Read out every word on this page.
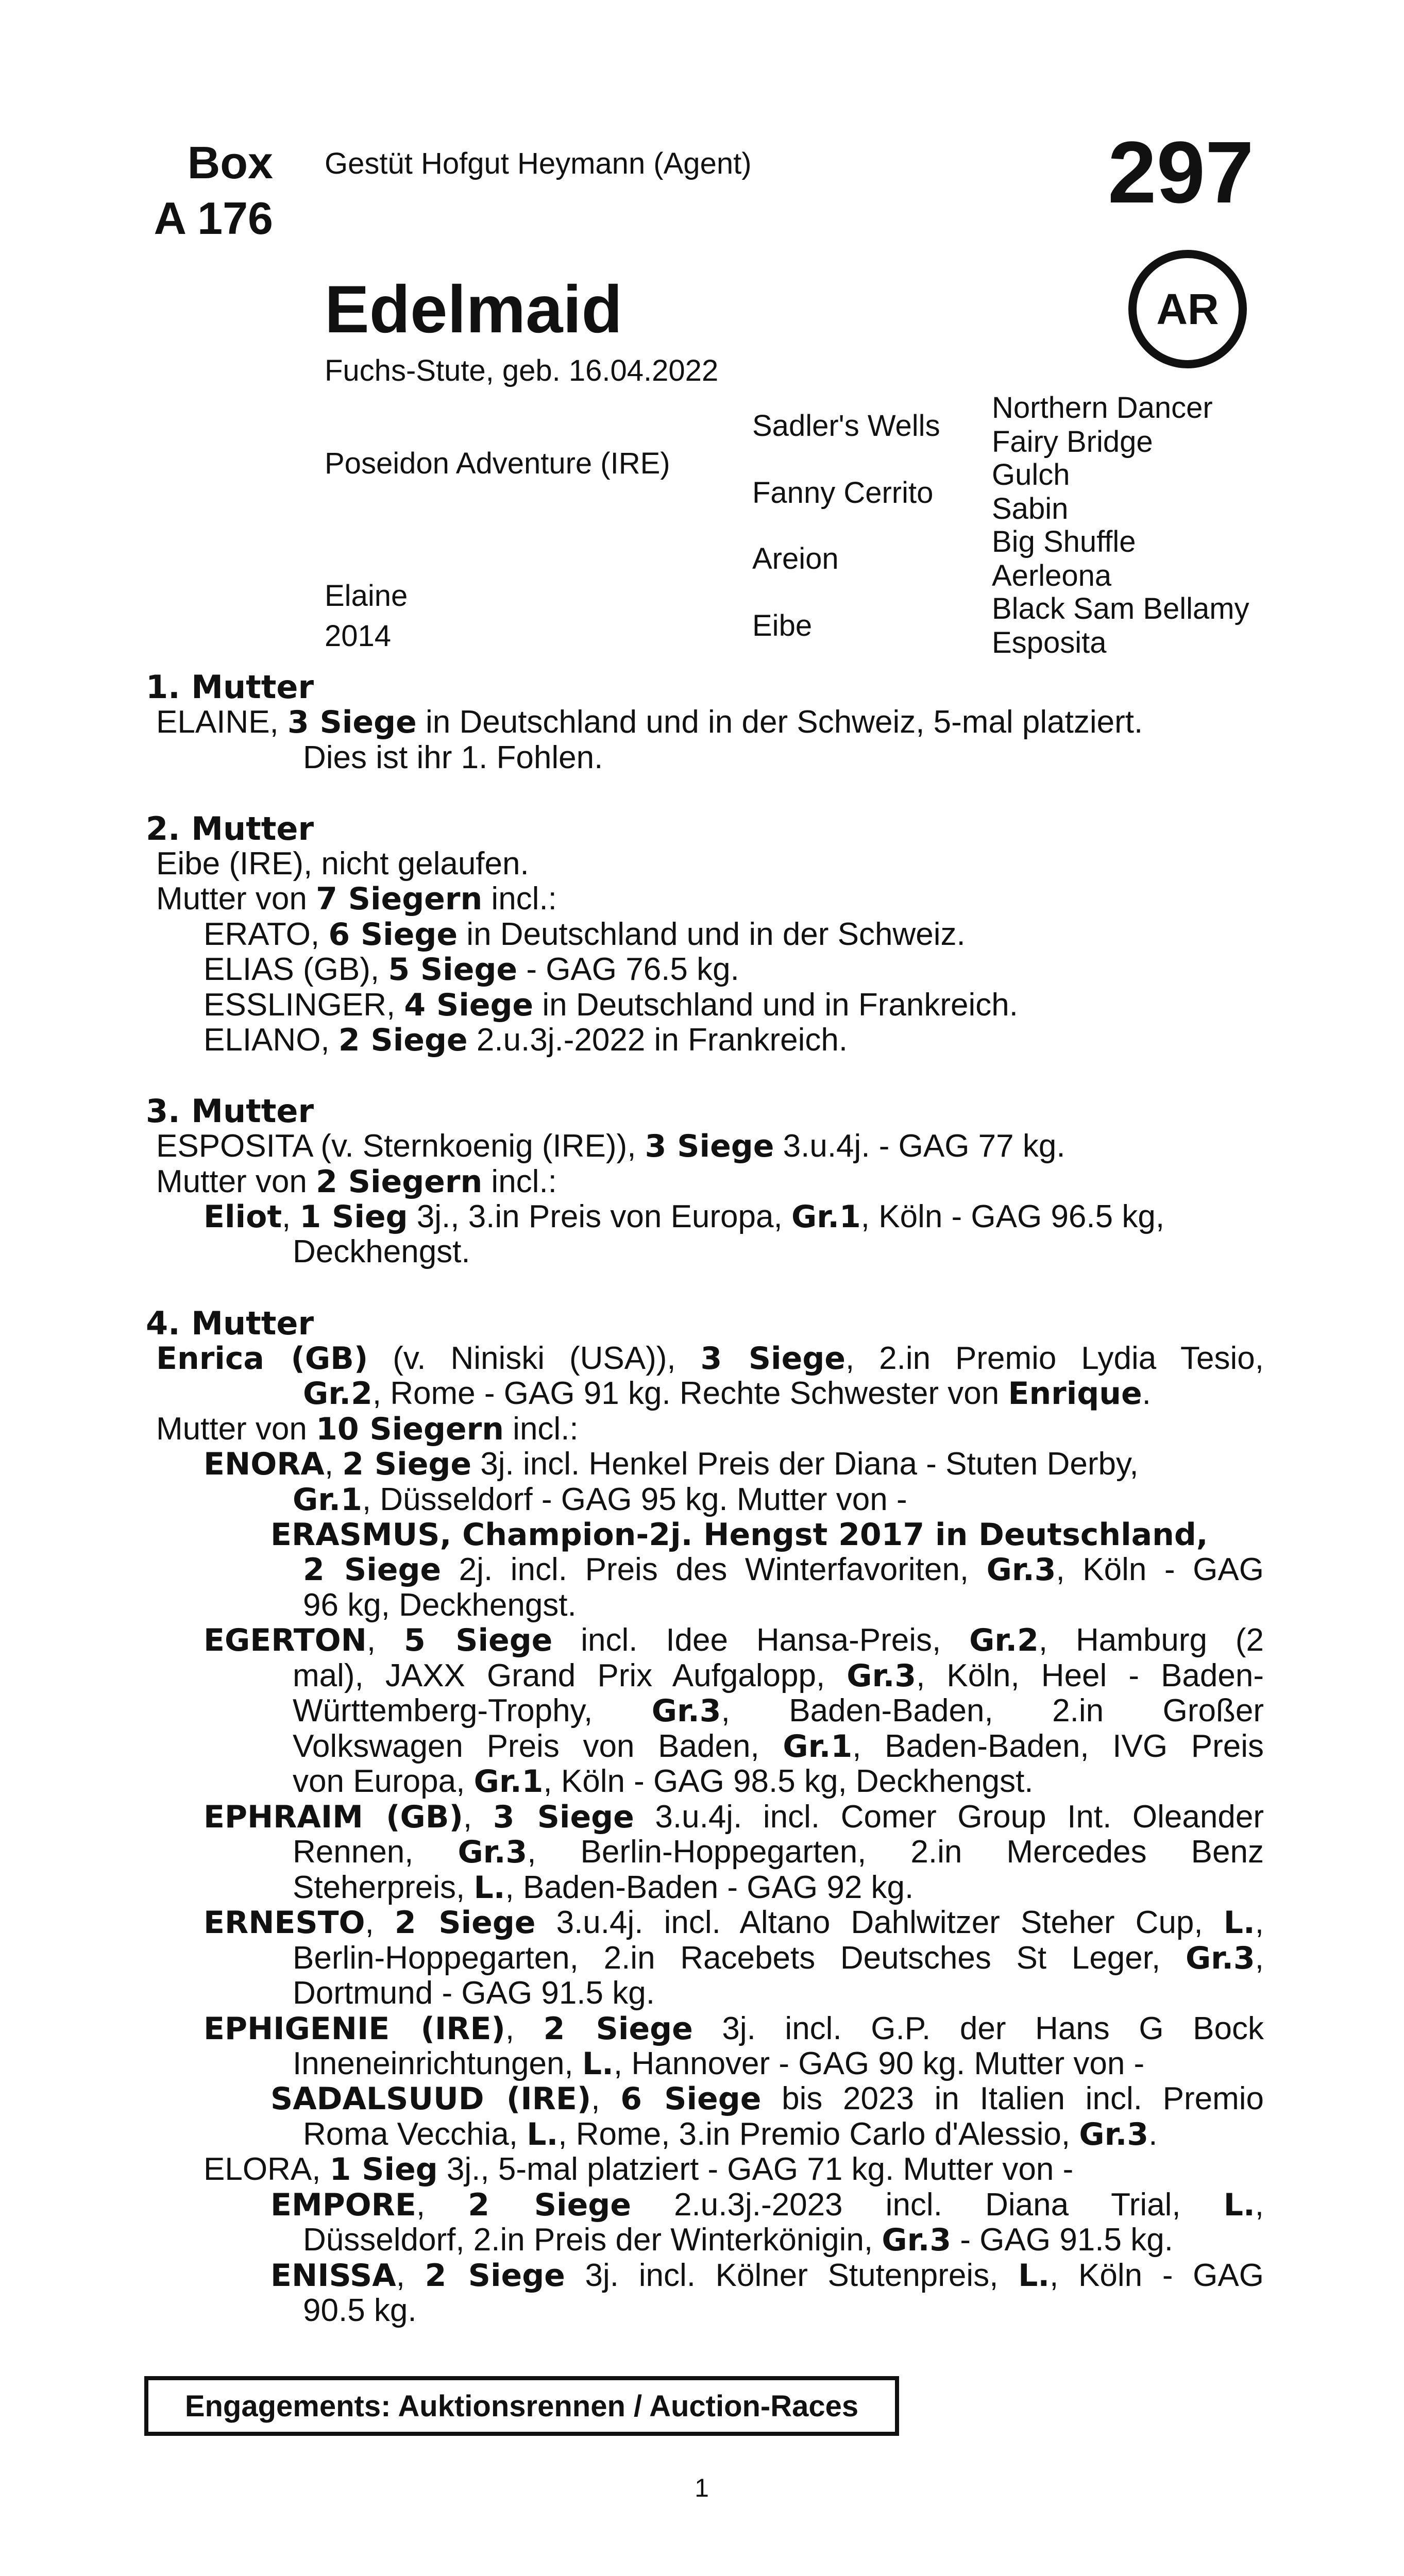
Box
A 176
Gestüt Hofgut Heymann (Agent)	297
Edelmaid	AR
Fuchs-Stute, geb. 16.04.2022
Poseidon Adventure (IRE)
Elaine
2014
Sadler's Wells
Fanny Cerrito
Areion
Eibe
Northern Dancer
Fairy Bridge
Gulch
Sabin
Big Shuffle
Aerleona
Black Sam Bellamy
Esposita
1. Mutter
ELAINE, 3 Siege in Deutschland und in der Schweiz, 5-mal platziert.
Dies ist ihr 1. Fohlen.
2. Mutter
Eibe (IRE), nicht gelaufen.
Mutter von 7 Siegern incl.:
ERATO, 6 Siege in Deutschland und in der Schweiz.
ELIAS (GB), 5 Siege - GAG 76.5 kg.
ESSLINGER, 4 Siege in Deutschland und in Frankreich.
ELIANO, 2 Siege 2.u.3j.-2022 in Frankreich.
3. Mutter
ESPOSITA (v. Sternkoenig (IRE)), 3 Siege 3.u.4j. - GAG 77 kg.
Mutter von 2 Siegern incl.:
Eliot, 1 Sieg 3j., 3.in Preis von Europa, Gr.1, Köln - GAG 96.5 kg,
Deckhengst.
4. Mutter
Enrica (GB) (v. Niniski (USA)), 3 Siege, 2.in Premio Lydia Tesio,
Gr.2, Rome - GAG 91 kg. Rechte Schwester von Enrique.
Mutter von 10 Siegern incl.:
ENORA, 2 Siege 3j. incl. Henkel Preis der Diana - Stuten Derby,
Gr.1, Düsseldorf - GAG 95 kg. Mutter von -
ERASMUS, Champion-2j. Hengst 2017 in Deutschland,
2 Siege 2j. incl. Preis des Winterfavoriten, Gr.3, Köln - GAG
96 kg, Deckhengst.
EGERTON, 5 Siege incl. Idee Hansa-Preis, Gr.2, Hamburg (2
mal), JAXX Grand Prix Aufgalopp, Gr.3, Köln, Heel - Baden-
Württemberg-Trophy, Gr.3, Baden-Baden, 2.in Großer
Volkswagen Preis von Baden, Gr.1, Baden-Baden, IVG Preis
von Europa, Gr.1, Köln - GAG 98.5 kg, Deckhengst.
EPHRAIM (GB), 3 Siege 3.u.4j. incl. Comer Group Int. Oleander
Rennen, Gr.3, Berlin-Hoppegarten, 2.in Mercedes Benz
Steherpreis, L., Baden-Baden - GAG 92 kg.
ERNESTO, 2 Siege 3.u.4j. incl. Altano Dahlwitzer Steher Cup, L.,
Berlin-Hoppegarten, 2.in Racebets Deutsches St Leger, Gr.3,
Dortmund - GAG 91.5 kg.
EPHIGENIE (IRE), 2 Siege 3j. incl. G.P. der Hans G Bock
Inneneinrichtungen, L., Hannover - GAG 90 kg. Mutter von -
SADALSUUD (IRE), 6 Siege bis 2023 in Italien incl. Premio
Roma Vecchia, L., Rome, 3.in Premio Carlo d'Alessio, Gr.3.
ELORA, 1 Sieg 3j., 5-mal platziert - GAG 71 kg. Mutter von -
EMPORE, 2 Siege 2.u.3j.-2023 incl. Diana Trial, L.,
Düsseldorf, 2.in Preis der Winterkönigin, Gr.3 - GAG 91.5 kg.
ENISSA, 2 Siege 3j. incl. Kölner Stutenpreis, L., Köln - GAG
90.5 kg.
Engagements: Auktionsrennen / Auction-Races
1
